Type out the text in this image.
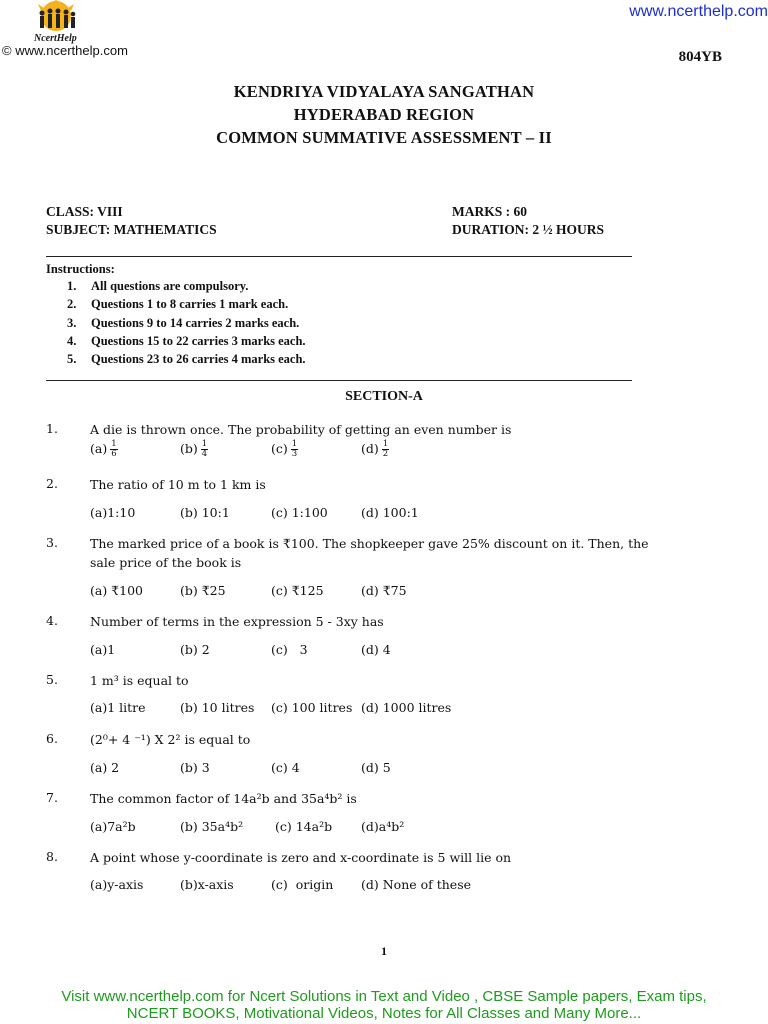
NcertHelp
© www.ncerthelp.com
www.ncerthelp.com
804YB
KENDRIYA VIDYALAYA SANGATHAN
HYDERABAD REGION
COMMON SUMMATIVE ASSESSMENT – II
CLASS: VIII
SUBJECT: MATHEMATICS
MARKS : 60
DURATION: 2 ½ HOURS
Instructions:
1. All questions are compulsory.
2. Questions 1 to 8 carries 1 mark each.
3. Questions 9 to 14 carries 2 marks each.
4. Questions 15 to 22 carries 3 marks each.
5. Questions 23 to 26 carries 4 marks each.
SECTION-A
1.	A die is thrown once. The probability of getting an even number is
$(a) \frac{1}{6}$	$(b) \frac{1}{4}$	$(c) \frac{1}{3}$	$(d) \frac{1}{2}$
2.	The ratio of 10 m to 1 km is
(a)1:10	(b) 10:1	(c) 1:100	(d) 100:1
3.	The marked price of a book is ₹100. The shopkeeper gave 25% discount on it. Then, the sale price of the book is
(a) ₹100	(b) ₹25	(c) ₹125	(d) ₹75
4.	Number of terms in the expression 5 - 3xy has
(a)1	(b) 2	(c)   3	(d) 4
5.	1 m³ is equal to
(a)1 litre	(b) 10 litres (c) 100 litres (d) 1000 litres
6.	(2⁰+ 4 ⁻¹) X 2² is equal to
(a) 2	(b) 3	(c) 4	(d) 5
7.	The common factor of 14a²b and 35a⁴b² is
(a)7a²b	(b) 35a⁴b²	(c) 14a²b (d)a⁴b²
8.	A point whose y-coordinate is zero and x-coordinate is 5 will lie on
(a)y-axis	(b)x-axis	(c)  origin (d) None of these
1
Visit www.ncerthelp.com for Ncert Solutions in Text and Video , CBSE Sample papers, Exam tips,
NCERT BOOKS, Motivational Videos, Notes for All Classes and Many More...
